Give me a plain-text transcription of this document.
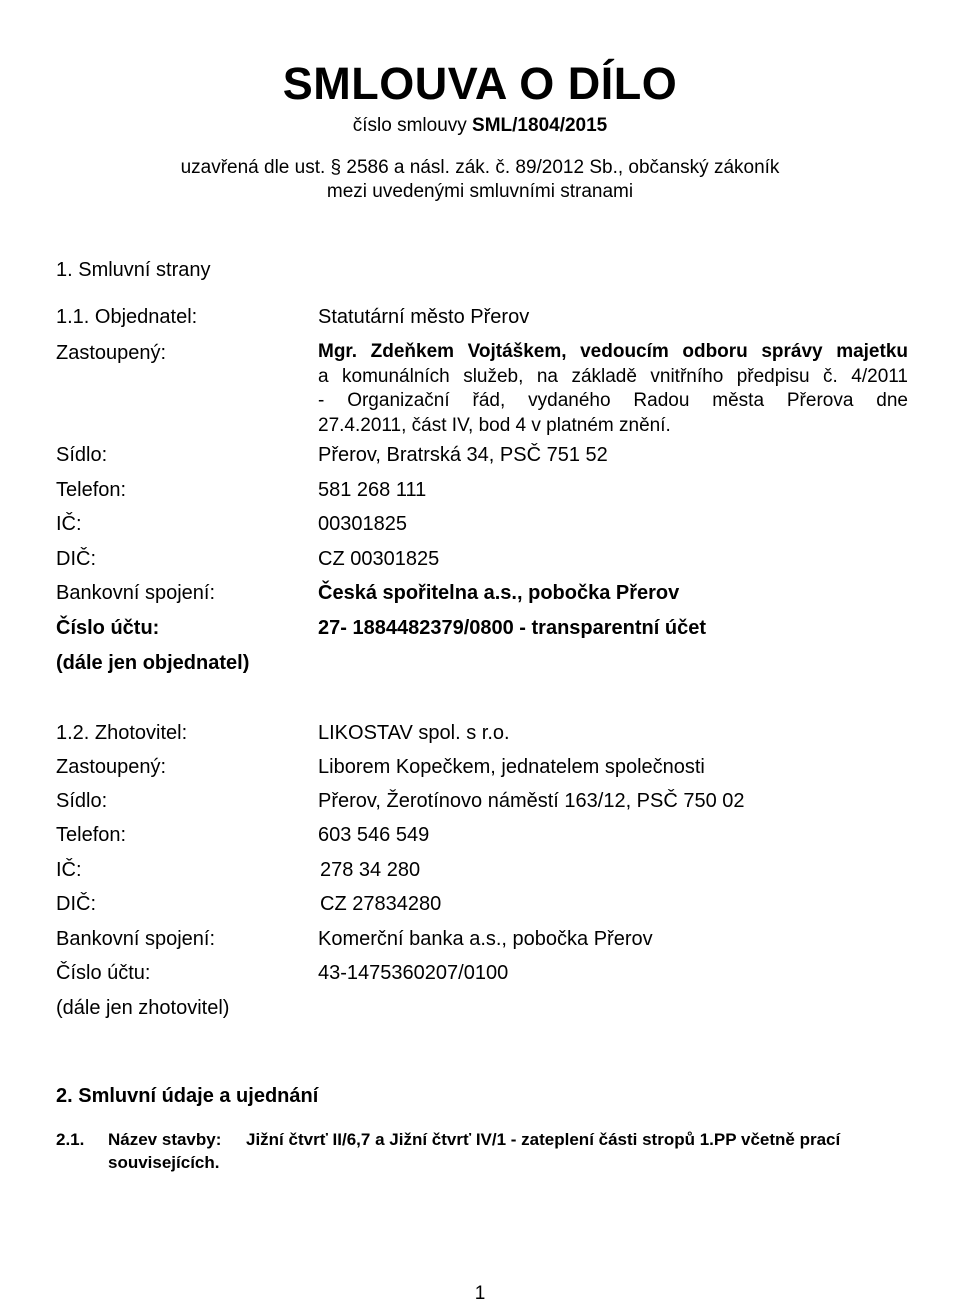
SMLOUVA O DÍLO
číslo smlouvy SML/1804/2015
uzavřená dle ust. § 2586 a násl. zák. č. 89/2012 Sb., občanský zákoník
mezi uvedenými smluvními stranami
1. Smluvní strany
1.1. Objednatel:	Statutární město Přerov
Zastoupený:	Mgr. Zdeňkem Vojtáškem, vedoucím odboru správy majetku
a komunálních služeb, na základě vnitřního předpisu č. 4/2011
- Organizační řád, vydaného Radou města Přerova dne
27.4.2011, část IV, bod 4 v platném znění.
Sídlo:	Přerov, Bratrská 34, PSČ 751 52
Telefon:	581 268 111
IČ:	00301825
DIČ:	CZ 00301825
Bankovní spojení:	Česká spořitelna a.s., pobočka Přerov
Číslo účtu:	27- 1884482379/0800 - transparentní účet
(dále jen objednatel)
1.2. Zhotovitel:	LIKOSTAV spol. s r.o.
Zastoupený:	Liborem Kopečkem, jednatelem společnosti
Sídlo:	Přerov, Žerotínovo náměstí 163/12, PSČ 750 02
Telefon:	603 546 549
IČ:	278 34 280
DIČ:	CZ 27834280
Bankovní spojení:	Komerční banka a.s., pobočka Přerov
Číslo účtu:	43-1475360207/0100
(dále jen zhotovitel)
2. Smluvní údaje a ujednání
2.1. Název stavby: Jižní čtvrť II/6,7 a Jižní čtvrť IV/1 - zateplení části stropů 1.PP včetně prací
souvisejících.
1
